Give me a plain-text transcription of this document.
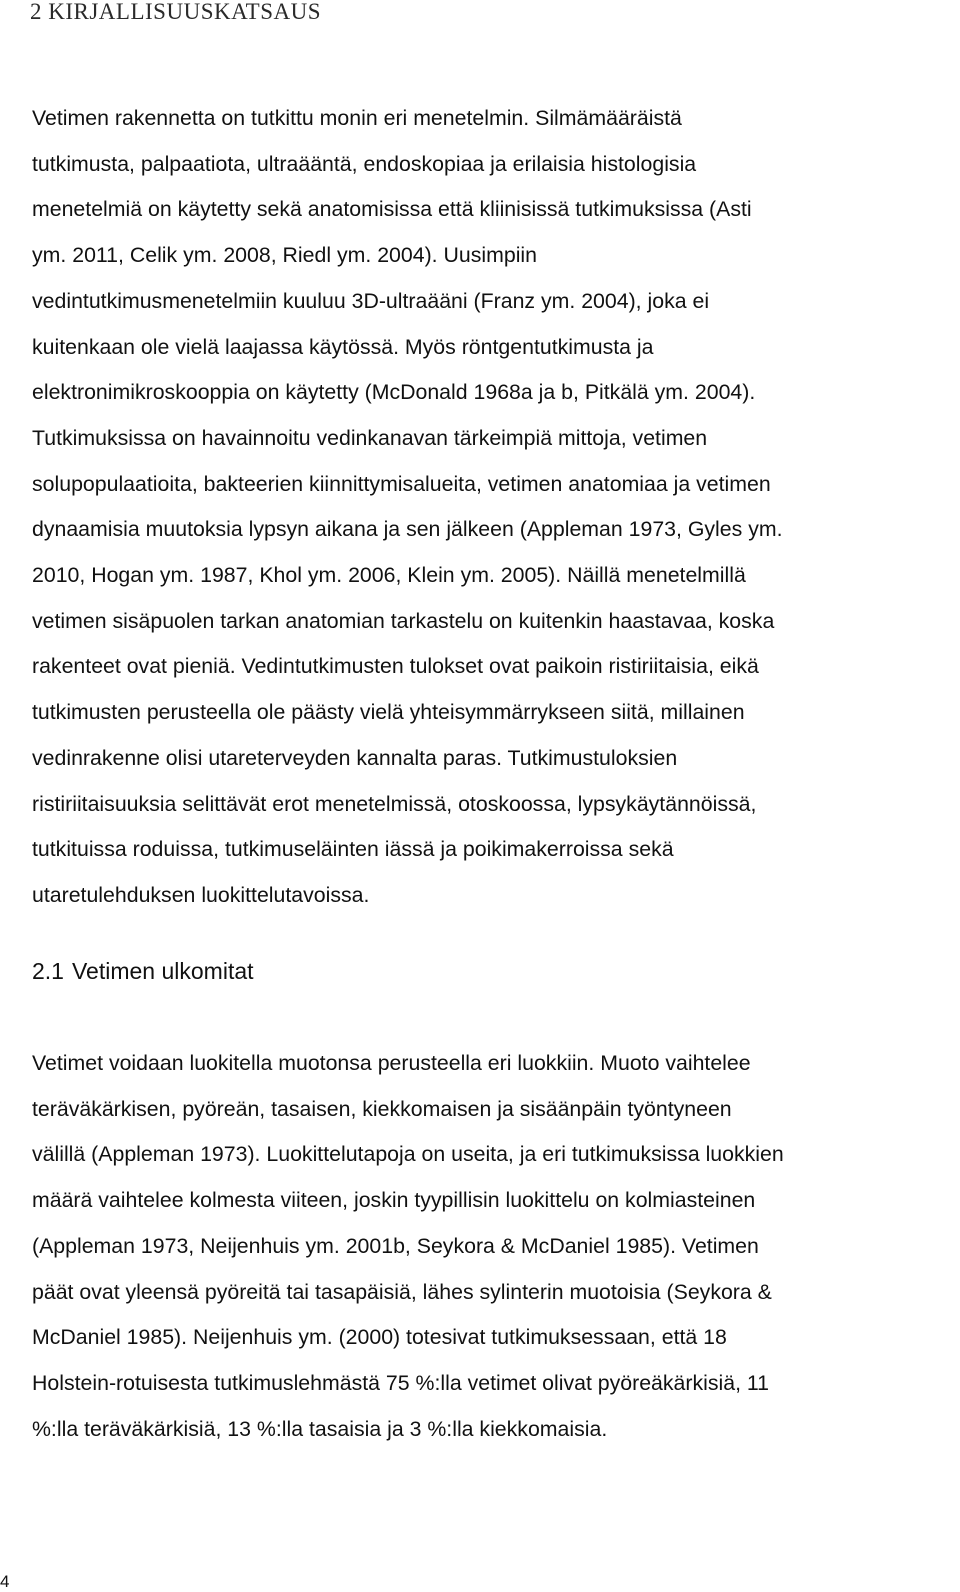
2 KIRJALLISUUSKATSAUS
Vetimen rakennetta on tutkittu monin eri menetelmin. Silmämääräistä
tutkimusta, palpaatiota, ultraääntä, endoskopiaa ja erilaisia histologisia
menetelmiä on käytetty sekä anatomisissa että kliinisissä tutkimuksissa (Asti
ym. 2011, Celik ym. 2008, Riedl ym. 2004). Uusimpiin
vedintutkimusmenetelmiin kuuluu 3D-ultraääni (Franz ym. 2004), joka ei
kuitenkaan ole vielä laajassa käytössä. Myös röntgentutkimusta ja
elektronimikroskooppia on käytetty (McDonald 1968a ja b, Pitkälä ym. 2004).
Tutkimuksissa on havainnoitu vedinkanavan tärkeimpiä mittoja, vetimen
solupopulaatioita, bakteerien kiinnittymisalueita, vetimen anatomiaa ja vetimen
dynaamisia muutoksia lypsyn aikana ja sen jälkeen (Appleman 1973, Gyles ym.
2010, Hogan ym. 1987, Khol ym. 2006, Klein ym. 2005). Näillä menetelmillä
vetimen sisäpuolen tarkan anatomian tarkastelu on kuitenkin haastavaa, koska
rakenteet ovat pieniä. Vedintutkimusten tulokset ovat paikoin ristiriitaisia, eikä
tutkimusten perusteella ole päästy vielä yhteisymmärrykseen siitä, millainen
vedinrakenne olisi utareterveyden kannalta paras. Tutkimustuloksien
ristiriitaisuuksia selittävät erot menetelmissä, otoskoossa, lypsykäytännöissä,
tutkituissa roduissa, tutkimuseläinten iässä ja poikimakerroissa sekä
utaretulehduksen luokittelutavoissa.
2.1 Vetimen ulkomitat
Vetimet voidaan luokitella muotonsa perusteella eri luokkiin. Muoto vaihtelee
teräväkärkisen, pyöreän, tasaisen, kiekkomaisen ja sisäänpäin työntyneen
välillä (Appleman 1973). Luokittelutapoja on useita, ja eri tutkimuksissa luokkien
määrä vaihtelee kolmesta viiteen, joskin tyypillisin luokittelu on kolmiasteinen
(Appleman 1973, Neijenhuis ym. 2001b, Seykora & McDaniel 1985). Vetimen
päät ovat yleensä pyöreitä tai tasapäisiä, lähes sylinterin muotoisia (Seykora &
McDaniel 1985). Neijenhuis ym. (2000) totesivat tutkimuksessaan, että 18
Holstein-rotuisesta tutkimuslehmästä 75 %:lla vetimet olivat pyöreäkärkisiä, 11
%:lla teräväkärkisiä, 13 %:lla tasaisia ja 3 %:lla kiekkomaisia.
4
